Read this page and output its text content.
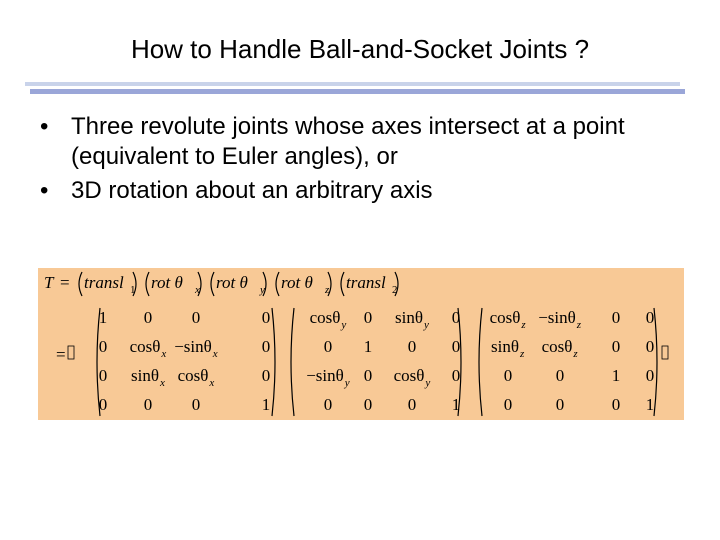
How to Handle Ball-and-Socket Joints ?
• Three revolute joints whose axes intersect at a point (equivalent to Euler angles), or
• 3D rotation about an arbitrary axis
T = transl 1 rot θ x rot θ y rot θ z transl 2
=
1 0 0	0
0 cosθ x −sinθ x	0
0 sinθ x cosθ x	0
0 0 0	1
cosθ y 0 sinθ y 0
0 1 0 0
−sinθ y 0 cosθ y 0
0 0 0 1
cosθ z −sinθ z 0 0
sinθ z cosθ z 0 0
0	0	1 0
0	0	0 1
